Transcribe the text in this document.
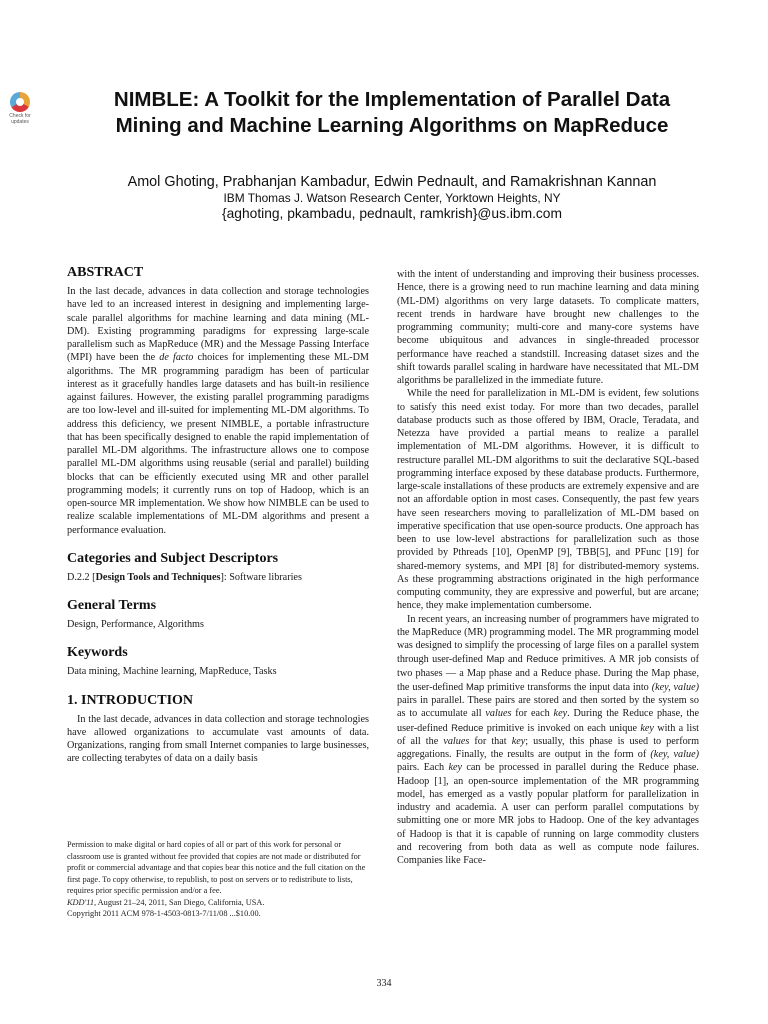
Check for updates
NIMBLE: A Toolkit for the Implementation of Parallel Data
Mining and Machine Learning Algorithms on MapReduce
Amol Ghoting, Prabhanjan Kambadur, Edwin Pednault, and Ramakrishnan Kannan
IBM Thomas J. Watson Research Center, Yorktown Heights, NY
{aghoting, pkambadu, pednault, ramkrish}@us.ibm.com
ABSTRACT

In the last decade, advances in data collection and storage technologies have led to an increased interest in designing and implementing large-scale parallel algorithms for machine learning and data mining (ML-DM). Existing programming paradigms for expressing large-scale parallelism such as MapReduce (MR) and the Message Passing Interface (MPI) have been the de facto choices for implementing these ML-DM algorithms. The MR programming paradigm has been of particular interest as it gracefully handles large datasets and has built-in resilience against failures. However, the existing parallel programming paradigms are too low-level and ill-suited for implementing ML-DM algorithms. To address this deficiency, we present NIMBLE, a portable infrastructure that has been specifically designed to enable the rapid implementation of parallel ML-DM algorithms. The infrastructure allows one to compose parallel ML-DM algorithms using reusable (serial and parallel) building blocks that can be efficiently executed using MR and other parallel programming models; it currently runs on top of Hadoop, which is an open-source MR implementation. We show how NIMBLE can be used to realize scalable implementations of ML-DM algorithms and present a performance evaluation.

Categories and Subject Descriptors

D.2.2 [Design Tools and Techniques]: Software libraries

General Terms

Design, Performance, Algorithms

Keywords

Data mining, Machine learning, MapReduce, Tasks

1. INTRODUCTION

In the last decade, advances in data collection and storage technologies have allowed organizations to accumulate vast amounts of data. Organizations, ranging from small Internet companies to large businesses, are collecting terabytes of data on a daily basis

Permission to make digital or hard copies of all or part of this work for personal or classroom use is granted without fee provided that copies are not made or distributed for profit or commercial advantage and that copies bear this notice and the full citation on the first page. To copy otherwise, to republish, to post on servers or to redistribute to lists, requires prior specific permission and/or a fee.

KDD'11, August 21–24, 2011, San Diego, California, USA.

Copyright 2011 ACM 978-1-4503-0813-7/11/08 ...$10.00.

with the intent of understanding and improving their business processes. Hence, there is a growing need to run machine learning and data mining (ML-DM) algorithms on very large datasets. To complicate matters, recent trends in hardware have brought new challenges to the programming community; multi-core and many-core systems have become ubiquitous and advances in single-threaded processor performance have reached a standstill. Increasing dataset sizes and the shift towards parallel scaling in hardware have necessitated that ML-DM algorithms be parallelized in the immediate future.

While the need for parallelization in ML-DM is evident, few solutions to satisfy this need exist today. For more than two decades, parallel database products such as those offered by IBM, Oracle, Teradata, and Netezza have provided a partial means to realize a parallel implementation of ML-DM algorithms. However, it is difficult to restructure parallel ML-DM algorithms to suit the declarative SQL-based programming interface exposed by these database products. Furthermore, large-scale installations of these products are extremely expensive and are not an affordable option in most cases. Consequently, the past few years have seen researchers moving to parallelization of ML-DM based on imperative specification that use open-source products. One approach has been to use low-level abstractions for parallelization such as those provided by Pthreads [10], OpenMP [9], TBB[5], and PFunc [19] for shared-memory systems, and MPI [8] for distributed-memory systems. As these programming abstractions originated in the high performance computing community, they are expressive and powerful, but are arcane; hence, they make implementation cumbersome.

In recent years, an increasing number of programmers have migrated to the MapReduce (MR) programming model. The MR programming model was designed to simplify the processing of large files on a parallel system through user-defined Map and Reduce primitives. A MR job consists of two phases — a Map phase and a Reduce phase. During the Map phase, the user-defined Map primitive transforms the input data into (key, value) pairs in parallel. These pairs are stored and then sorted by the system so as to accumulate all values for each key. During the Reduce phase, the user-defined Reduce primitive is invoked on each unique key with a list of all the values for that key; usually, this phase is used to perform aggregations. Finally, the results are output in the form of (key, value) pairs. Each key can be processed in parallel during the Reduce phase. Hadoop [1], an open-source implementation of the MR programming model, has emerged as a vastly popular platform for parallelization in industry and academia. A user can perform parallel computations by submitting one or more MR jobs to Hadoop. One of the key advantages of Hadoop is that it is capable of running on large commodity clusters and recovering from both data as well as compute node failures. Companies like Face-

334
